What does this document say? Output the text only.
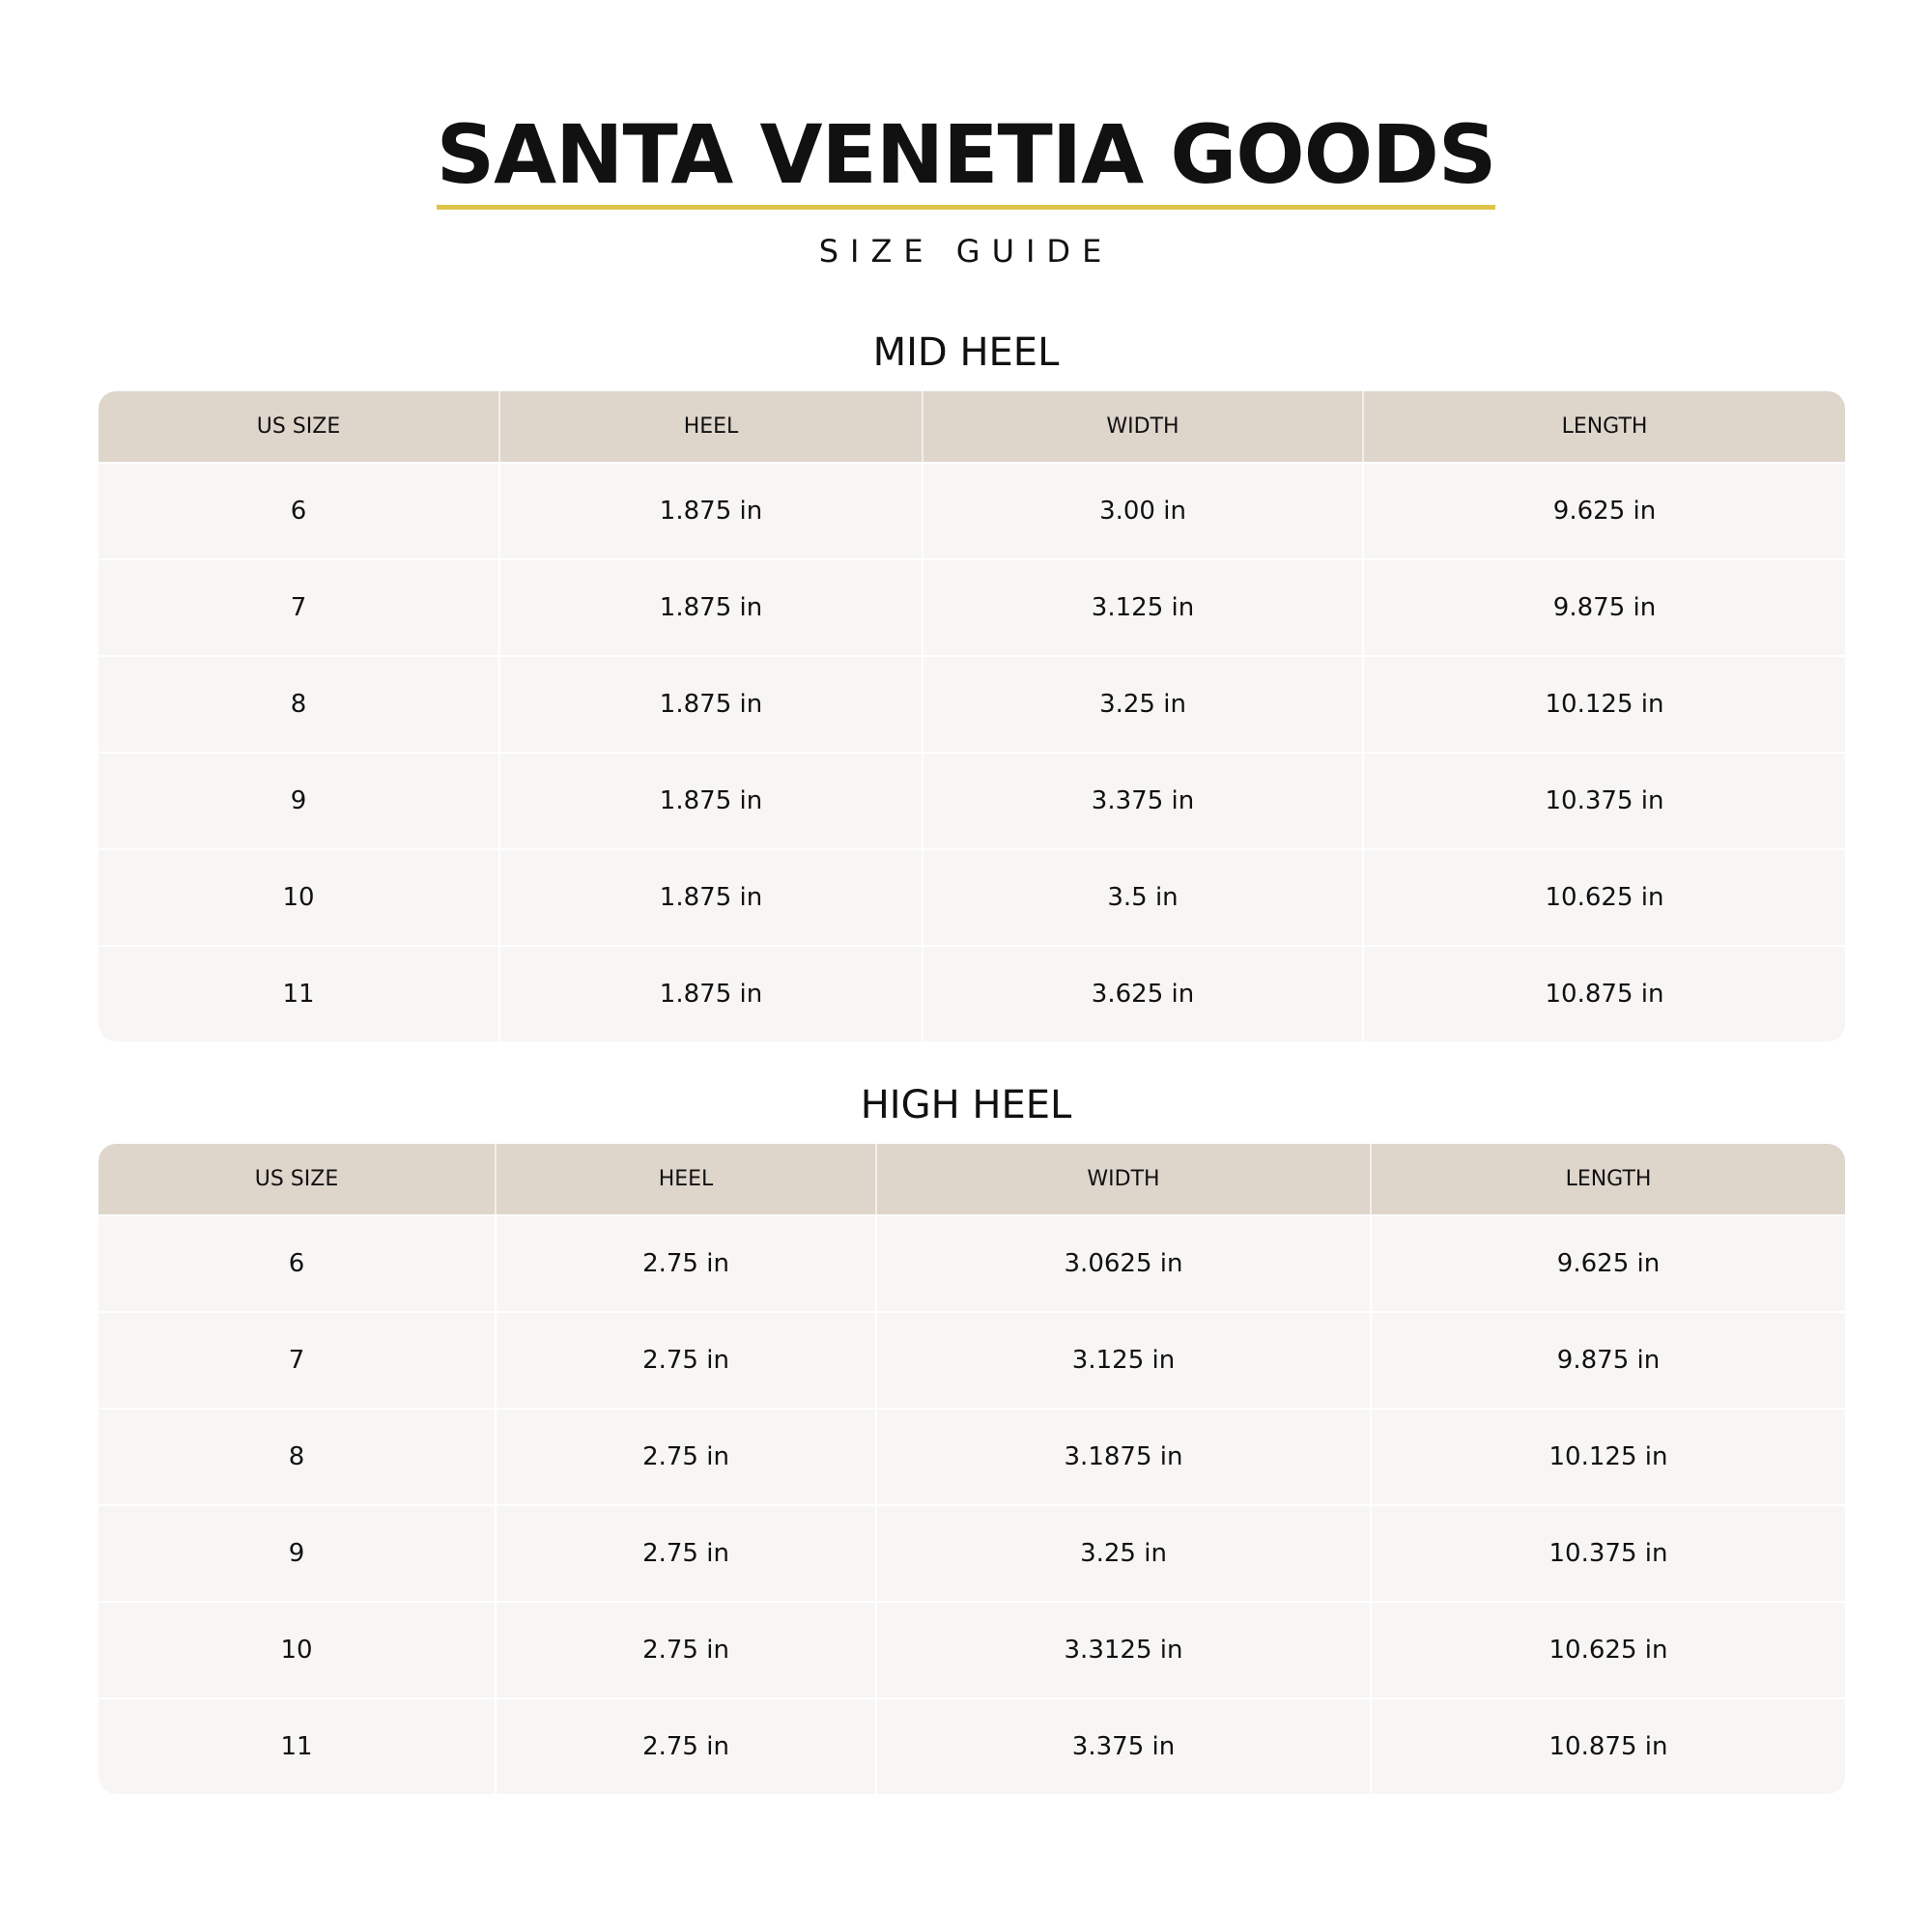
SANTA VENETIA GOODS
SIZE GUIDE
MID HEEL
US SIZE	HEEL	WIDTH	LENGTH
6	1.875 in	3.00 in	9.625 in
7	1.875 in	3.125 in	9.875 in
8	1.875 in	3.25 in	10.125 in
9	1.875 in	3.375 in	10.375 in
10	1.875 in	3.5 in	10.625 in
11	1.875 in	3.625 in	10.875 in
HIGH HEEL
US SIZE	HEEL	WIDTH	LENGTH
6	2.75 in	3.0625 in	9.625 in
7	2.75 in	3.125 in	9.875 in
8	2.75 in	3.1875 in	10.125 in
9	2.75 in	3.25 in	10.375 in
10	2.75 in	3.3125 in	10.625 in
11	2.75 in	3.375 in	10.875 in
